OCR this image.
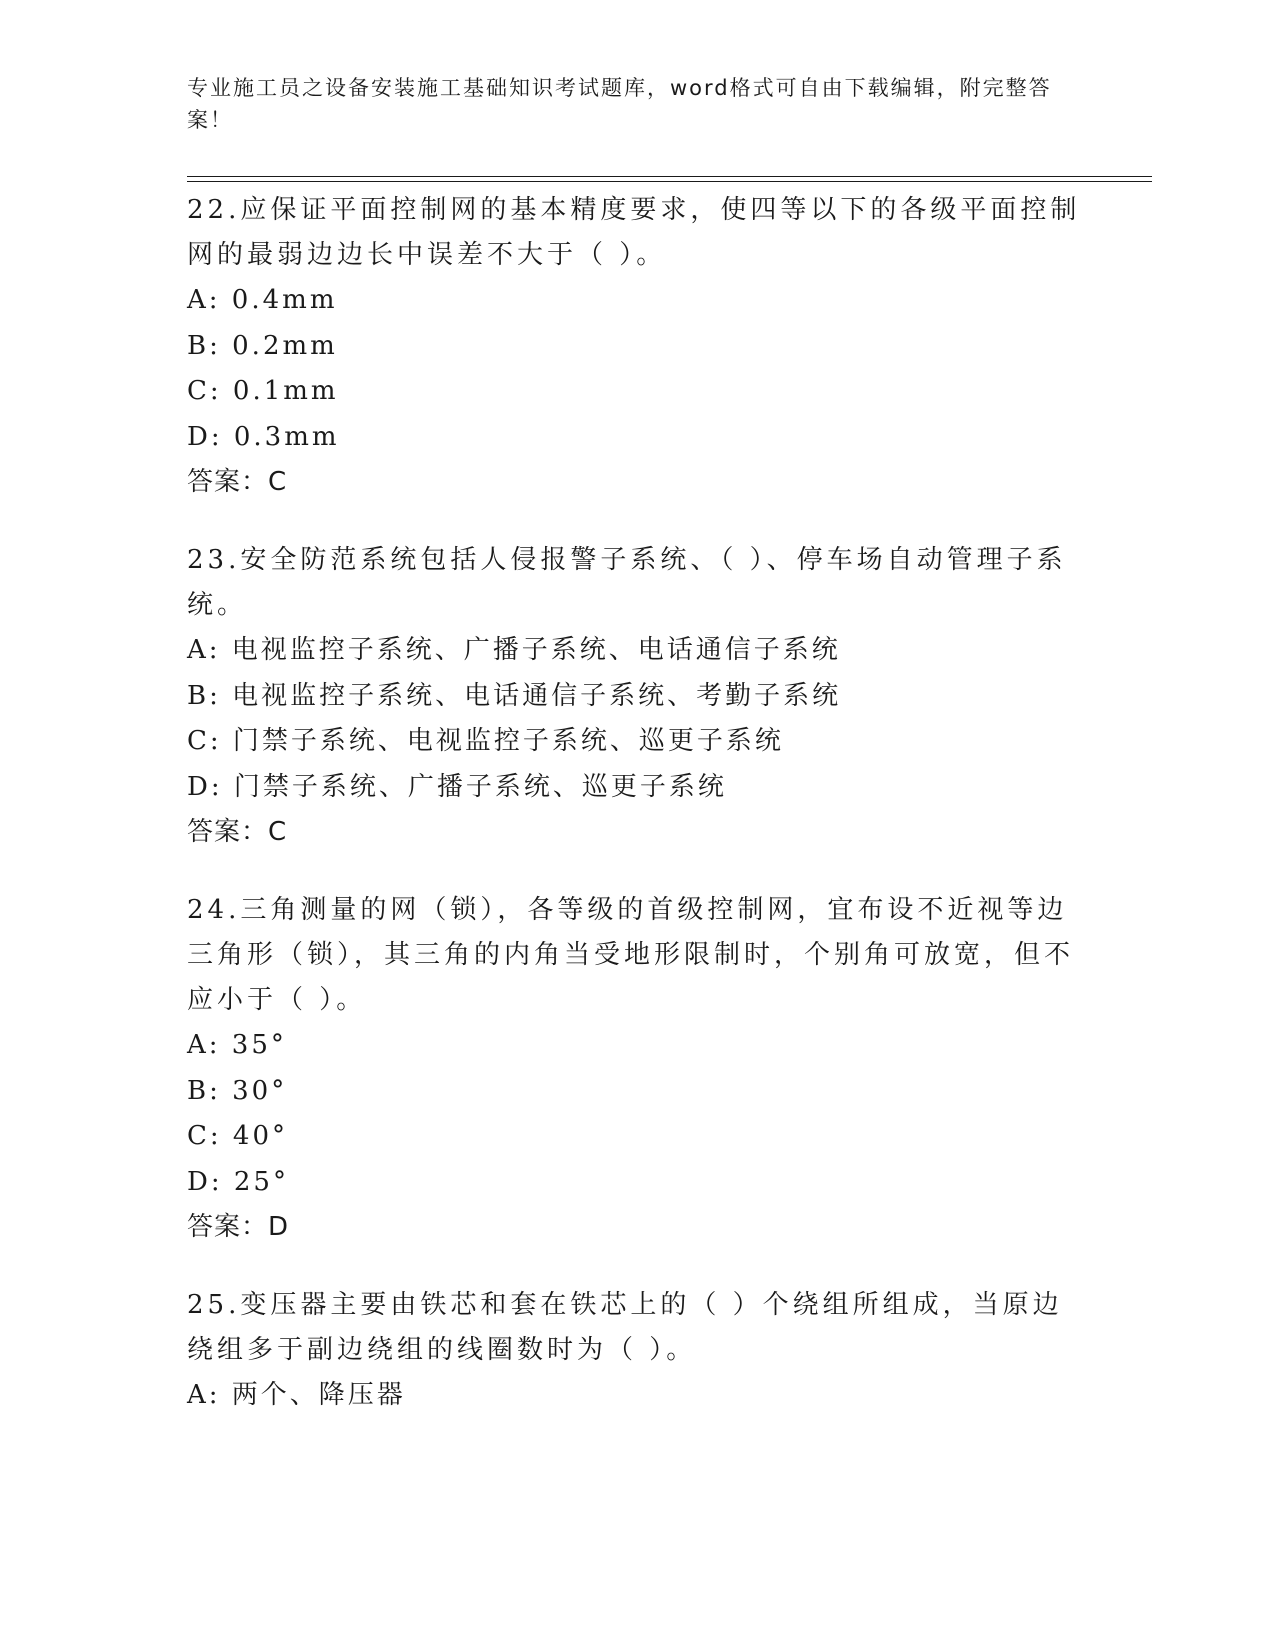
专业施工员之设备安装施工基础知识考试题库，word格式可自由下载编辑，附完整答案！
22.应保证平面控制网的基本精度要求，使四等以下的各级平面控制网的最弱边边长中误差不大于（ ）。
A: 0.4mm
B: 0.2mm
C: 0.1mm
D: 0.3mm
答案：C
23.安全防范系统包括人侵报警子系统、（ ）、停车场自动管理子系统。
A: 电视监控子系统、广播子系统、电话通信子系统
B: 电视监控子系统、电话通信子系统、考勤子系统
C: 门禁子系统、电视监控子系统、巡更子系统
D: 门禁子系统、广播子系统、巡更子系统
答案：C
24.三角测量的网（锁），各等级的首级控制网，宜布设不近视等边三角形（锁），其三角的内角当受地形限制时，个别角可放宽，但不应小于（ ）。
A: 35°
B: 30°
C: 40°
D: 25°
答案：D
25.变压器主要由铁芯和套在铁芯上的（ ）个绕组所组成，当原边绕组多于副边绕组的线圈数时为（ ）。
A: 两个、降压器
